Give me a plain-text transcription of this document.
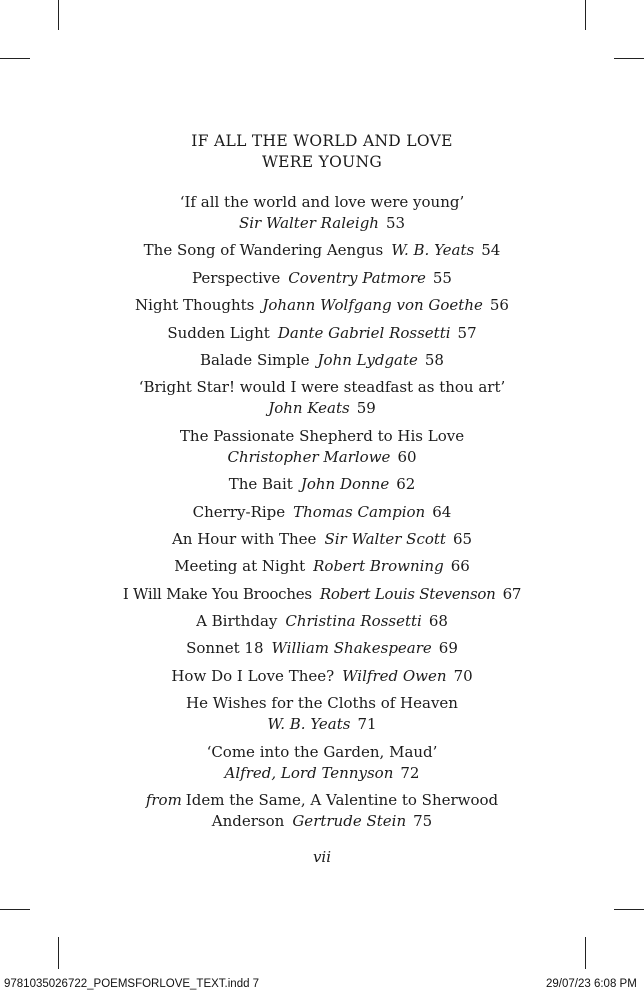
IF ALL THE WORLD AND LOVE
WERE YOUNG
‘If all the world and love were young’
Sir Walter Raleigh 53
The Song of Wandering Aengus W. B. Yeats 54
Perspective Coventry Patmore 55
Night Thoughts Johann Wolfgang von Goethe 56
Sudden Light Dante Gabriel Rossetti 57
Balade Simple John Lydgate 58
‘Bright Star! would I were steadfast as thou art’
John Keats 59
The Passionate Shepherd to His Love
Christopher Marlowe 60
The Bait John Donne 62
Cherry-Ripe Thomas Campion 64
An Hour with Thee Sir Walter Scott 65
Meeting at Night Robert Browning 66
I Will Make You Brooches Robert Louis Stevenson 67
A Birthday Christina Rossetti 68
Sonnet 18 William Shakespeare 69
How Do I Love Thee? Wilfred Owen 70
He Wishes for the Cloths of Heaven
W. B. Yeats 71
‘Come into the Garden, Maud’
Alfred, Lord Tennyson 72
from Idem the Same, A Valentine to Sherwood
Anderson Gertrude Stein 75
vii
9781035026722_POEMSFORLOVE_TEXT.indd 7	29/07/23 6:08 PM
